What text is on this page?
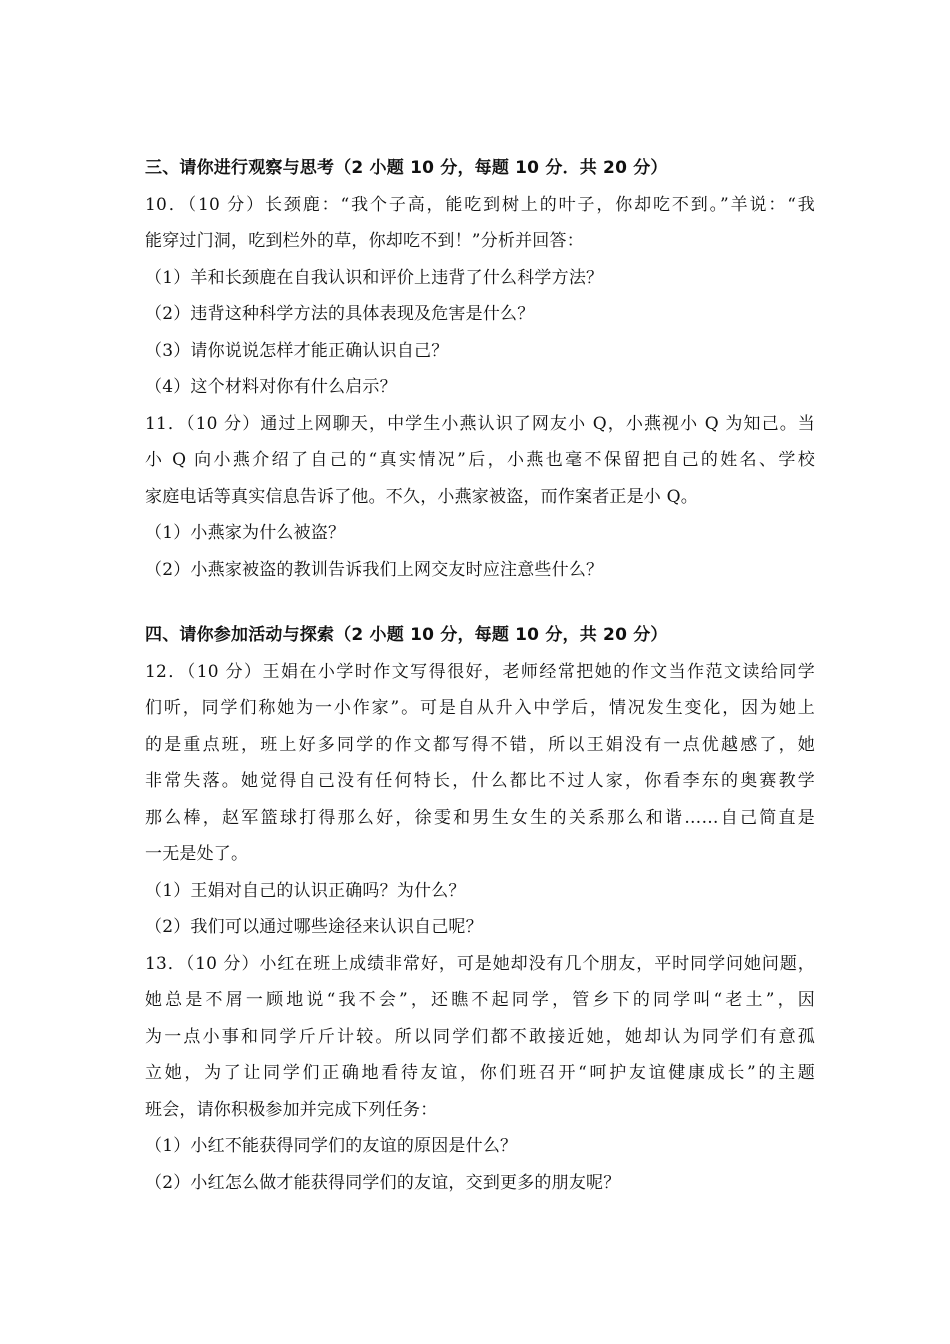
三、请你进行观察与思考（2 小题 10 分，每题 10 分．共 20 分）
10．（10 分）长颈鹿：“我个子高，能吃到树上的叶子，你却吃不到。”羊说：“我
能穿过门洞，吃到栏外的草，你却吃不到！”分析并回答：
（1）羊和长颈鹿在自我认识和评价上违背了什么科学方法？
（2）违背这种科学方法的具体表现及危害是什么？
（3）请你说说怎样才能正确认识自己？
（4）这个材料对你有什么启示？
11．（10 分）通过上网聊天，中学生小燕认识了网友小 Q，小燕视小 Q 为知己。当
小 Q 向小燕介绍了自己的“真实情况”后，小燕也毫不保留把自己的姓名、学校
家庭电话等真实信息告诉了他。不久，小燕家被盗，而作案者正是小 Q。
（1）小燕家为什么被盗？
（2）小燕家被盗的教训告诉我们上网交友时应注意些什么？
四、请你参加活动与探索（2 小题 10 分，每题 10 分，共 20 分）
12．（10 分）王娟在小学时作文写得很好，老师经常把她的作文当作范文读给同学
们听，同学们称她为一小作家”。可是自从升入中学后，情况发生变化，因为她上
的是重点班，班上好多同学的作文都写得不错，所以王娟没有一点优越感了，她
非常失落。她觉得自己没有任何特长，什么都比不过人家，你看李东的奥赛教学
那么棒，赵军篮球打得那么好，徐雯和男生女生的关系那么和谐……自己简直是
一无是处了。
（1）王娟对自己的认识正确吗？为什么？
（2）我们可以通过哪些途径来认识自己呢？
13．（10 分）小红在班上成绩非常好，可是她却没有几个朋友，平时同学问她问题，
她总是不屑一顾地说“我不会”，还瞧不起同学，管乡下的同学叫“老土”，因
为一点小事和同学斤斤计较。所以同学们都不敢接近她，她却认为同学们有意孤
立她，为了让同学们正确地看待友谊，你们班召开“呵护友谊健康成长”的主题
班会，请你积极参加并完成下列任务：
（1）小红不能获得同学们的友谊的原因是什么？
（2）小红怎么做才能获得同学们的友谊，交到更多的朋友呢？
